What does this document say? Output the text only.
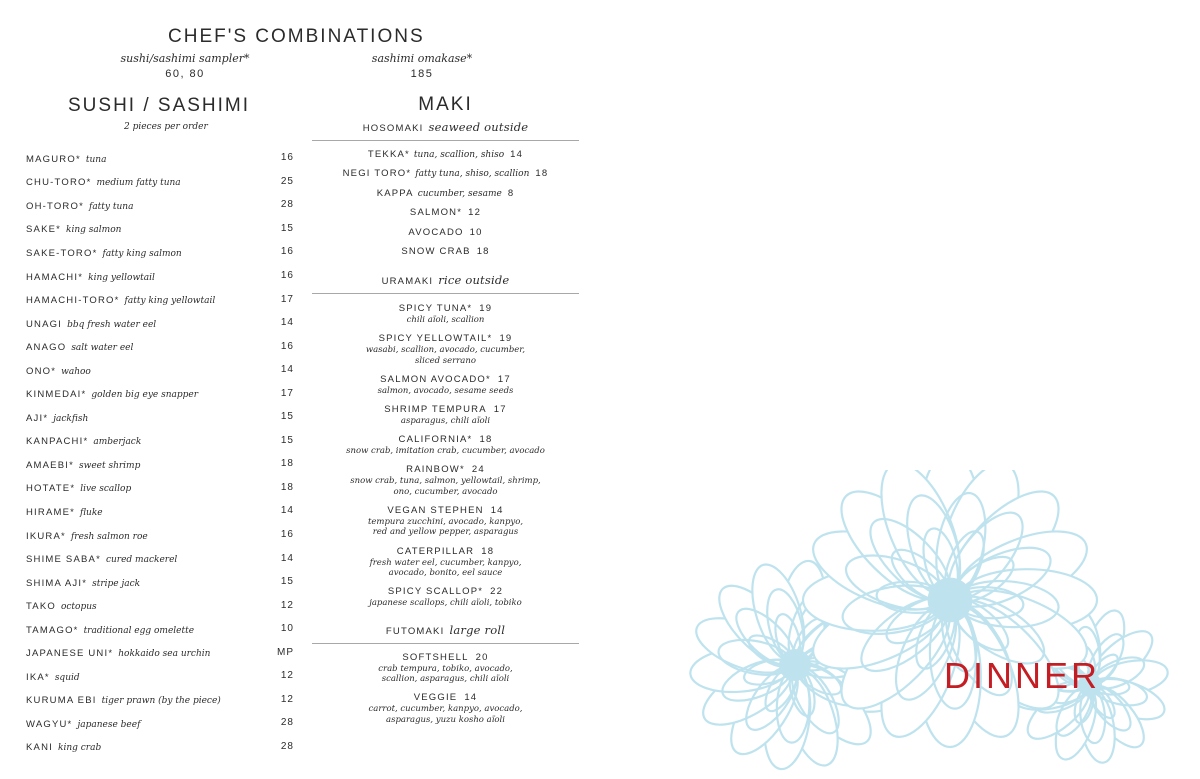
CHEF'S COMBINATIONS
sushi/sashimi sampler*
60, 80
sashimi omakase*
185
SUSHI / SASHIMI
2 pieces per order
MAGURO* tuna	16
CHU-TORO* medium fatty tuna	25
OH-TORO* fatty tuna	28
SAKE* king salmon	15
SAKE-TORO* fatty king salmon	16
HAMACHI* king yellowtail	16
HAMACHI-TORO* fatty king yellowtail	17
UNAGI bbq fresh water eel	14
ANAGO salt water eel	16
ONO* wahoo	14
KINMEDAI* golden big eye snapper	17
AJI* jackfish	15
KANPACHI* amberjack	15
AMAEBI* sweet shrimp	18
HOTATE* live scallop	18
HIRAME* fluke	14
IKURA* fresh salmon roe	16
SHIME SABA* cured mackerel	14
SHIMA AJI* stripe jack	15
TAKO octopus	12
TAMAGO* traditional egg omelette	10
JAPANESE UNI* hokkaido sea urchin	MP
IKA* squid	12
KURUMA EBI tiger prawn (by the piece)	12
WAGYU* japanese beef	28
KANI king crab	28
MAKI
HOSOMAKI seaweed outside
TEKKA* tuna, scallion, shiso 14
NEGI TORO* fatty tuna, shiso, scallion 18
KAPPA cucumber, sesame 8
SALMON* 12
AVOCADO 10
SNOW CRAB 18
URAMAKI rice outside
SPICY TUNA* 19
chili aïoli, scallion
SPICY YELLOWTAIL* 19
wasabi, scallion, avocado, cucumber,
sliced serrano
SALMON AVOCADO* 17
salmon, avocado, sesame seeds
SHRIMP TEMPURA 17
asparagus, chili aïoli
CALIFORNIA* 18
snow crab, imitation crab, cucumber, avocado
RAINBOW* 24
snow crab, tuna, salmon, yellowtail, shrimp,
ono, cucumber, avocado
VEGAN STEPHEN 14
tempura zucchini, avocado, kanpyo,
red and yellow pepper, asparagus
CATERPILLAR 18
fresh water eel, cucumber, kanpyo,
avocado, bonito, eel sauce
SPICY SCALLOP* 22
japanese scallops, chili aïoli, tobiko
FUTOMAKI large roll
SOFTSHELL 20
crab tempura, tobiko, avocado,
scallion, asparagus, chili aïoli
VEGGIE 14
carrot, cucumber, kanpyo, avocado,
asparagus, yuzu kosho aïoli
DINNER
